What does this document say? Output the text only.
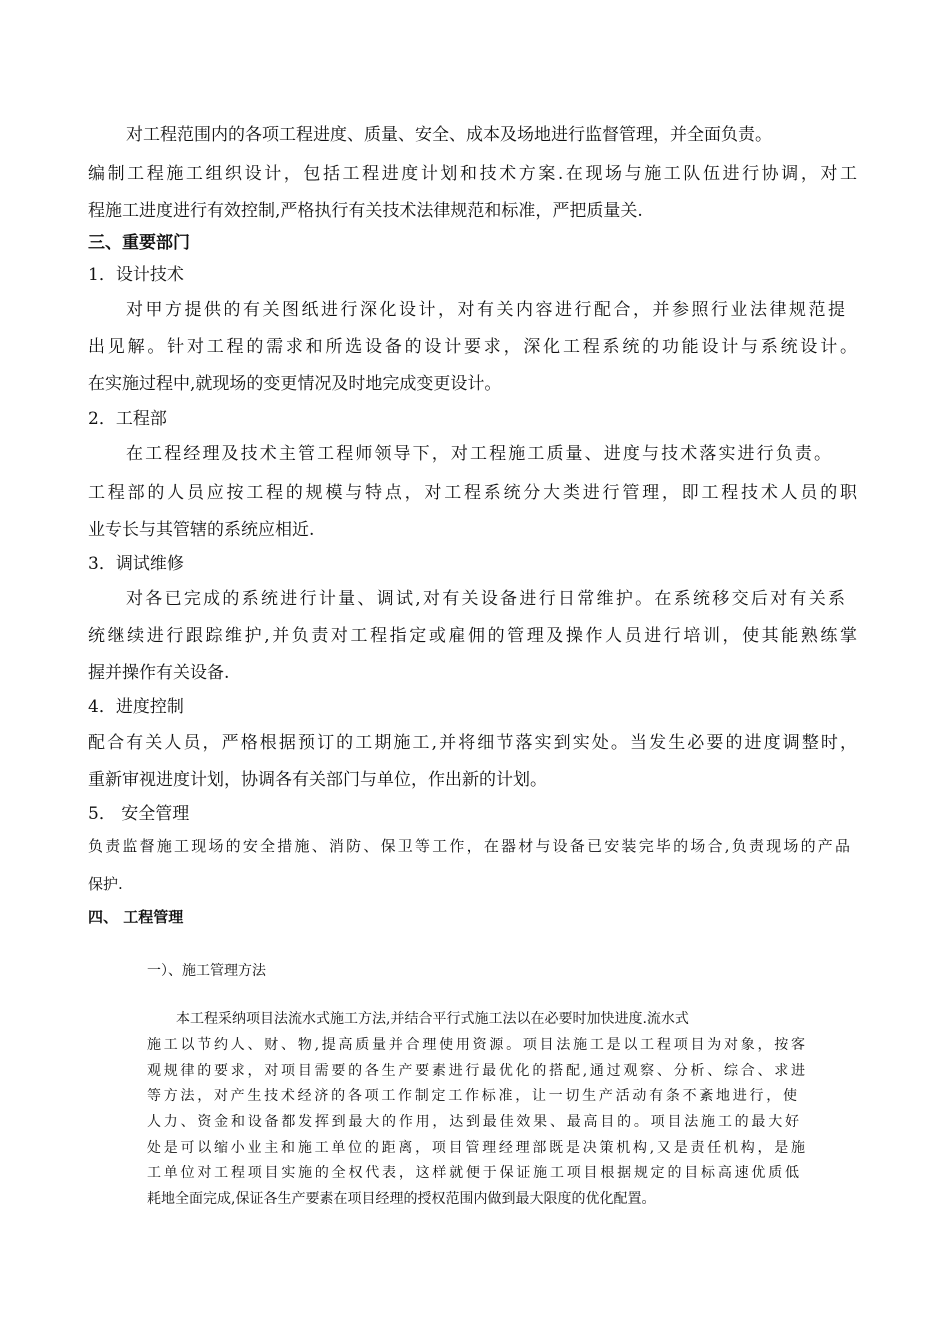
对工程范围内的各项工程进度、质量、安全、成本及场地进行监督管理，并全面负责。
编制工程施工组织设计，包括工程进度计划和技术方案.在现场与施工队伍进行协调，对工
程施工进度进行有效控制,严格执行有关技术法律规范和标准，严把质量关.
三、重要部门
1．设计技术
对甲方提供的有关图纸进行深化设计，对有关内容进行配合，并参照行业法律规范提
出见解。针对工程的需求和所选设备的设计要求，深化工程系统的功能设计与系统设计。
在实施过程中,就现场的变更情况及时地完成变更设计。
2．工程部
在工程经理及技术主管工程师领导下，对工程施工质量、进度与技术落实进行负责。
工程部的人员应按工程的规模与特点，对工程系统分大类进行管理，即工程技术人员的职
业专长与其管辖的系统应相近.
3．调试维修
对各已完成的系统进行计量、调试,对有关设备进行日常维护。在系统移交后对有关系
统继续进行跟踪维护,并负责对工程指定或雇佣的管理及操作人员进行培训，使其能熟练掌
握并操作有关设备.
4．进度控制
配合有关人员，严格根据预订的工期施工,并将细节落实到实处。当发生必要的进度调整时，
重新审视进度计划，协调各有关部门与单位，作出新的计划。
5． 安全管理
负责监督施工现场的安全措施、消防、保卫等工作，在器材与设备已安装完毕的场合,负责现场的产品
保护.
四、 工程管理
一）、施工管理方法
本工程采纳项目法流水式施工方法,并结合平行式施工法以在必要时加快进度.流水式
施工以节约人、财、物,提高质量并合理使用资源。项目法施工是以工程项目为对象，按客
观规律的要求，对项目需要的各生产要素进行最优化的搭配,通过观察、分析、综合、求进
等方法，对产生技术经济的各项工作制定工作标准，让一切生产活动有条不紊地进行，使
人力、资金和设备都发挥到最大的作用，达到最佳效果、最高目的。项目法施工的最大好
处是可以缩小业主和施工单位的距离，项目管理经理部既是决策机构,又是责任机构，是施
工单位对工程项目实施的全权代表，这样就便于保证施工项目根据规定的目标高速优质低
耗地全面完成,保证各生产要素在项目经理的授权范围内做到最大限度的优化配置。
